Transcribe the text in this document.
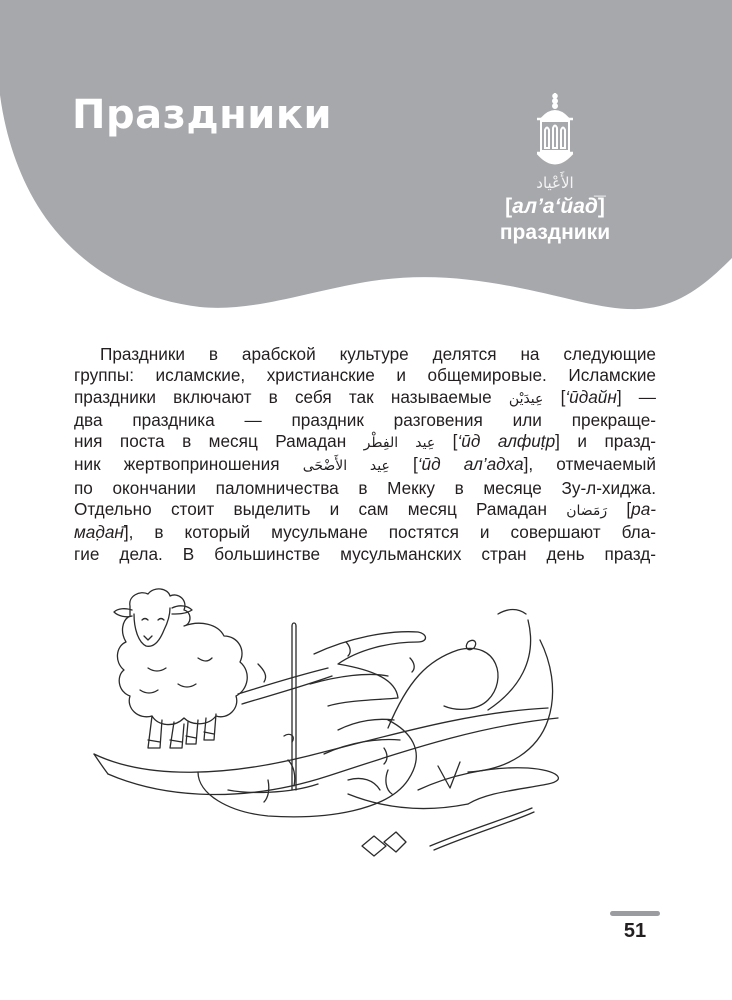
Праздники
الأَعْياد
[ал’а‘йад̅]
праздники

Праздники в арабской культуре делятся на следующие
группы: исламские, христианские и общемировые. Исламские
праздники включают в себя так называемые عِيدَيْن [‘ӣдайн] —
два праздника — праздник разговения или прекраще-
ния поста в месяц Рамадан عِيد الفِطْر [‘ӣд алфиṭр] и празд-
ник жертвоприношения عِيد الأَضْحَى [‘ӣд ал’адха], отмечаемый
по окончании паломничества в Мекку в месяце Зу-л-хиджа.
Отдельно стоит выделить и сам месяц Рамадан رَمَضان [ра-
мад̣ан̄], в который мусульмане постятся и совершают бла-
гие дела. В большинстве мусульманских стран день празд-

51
